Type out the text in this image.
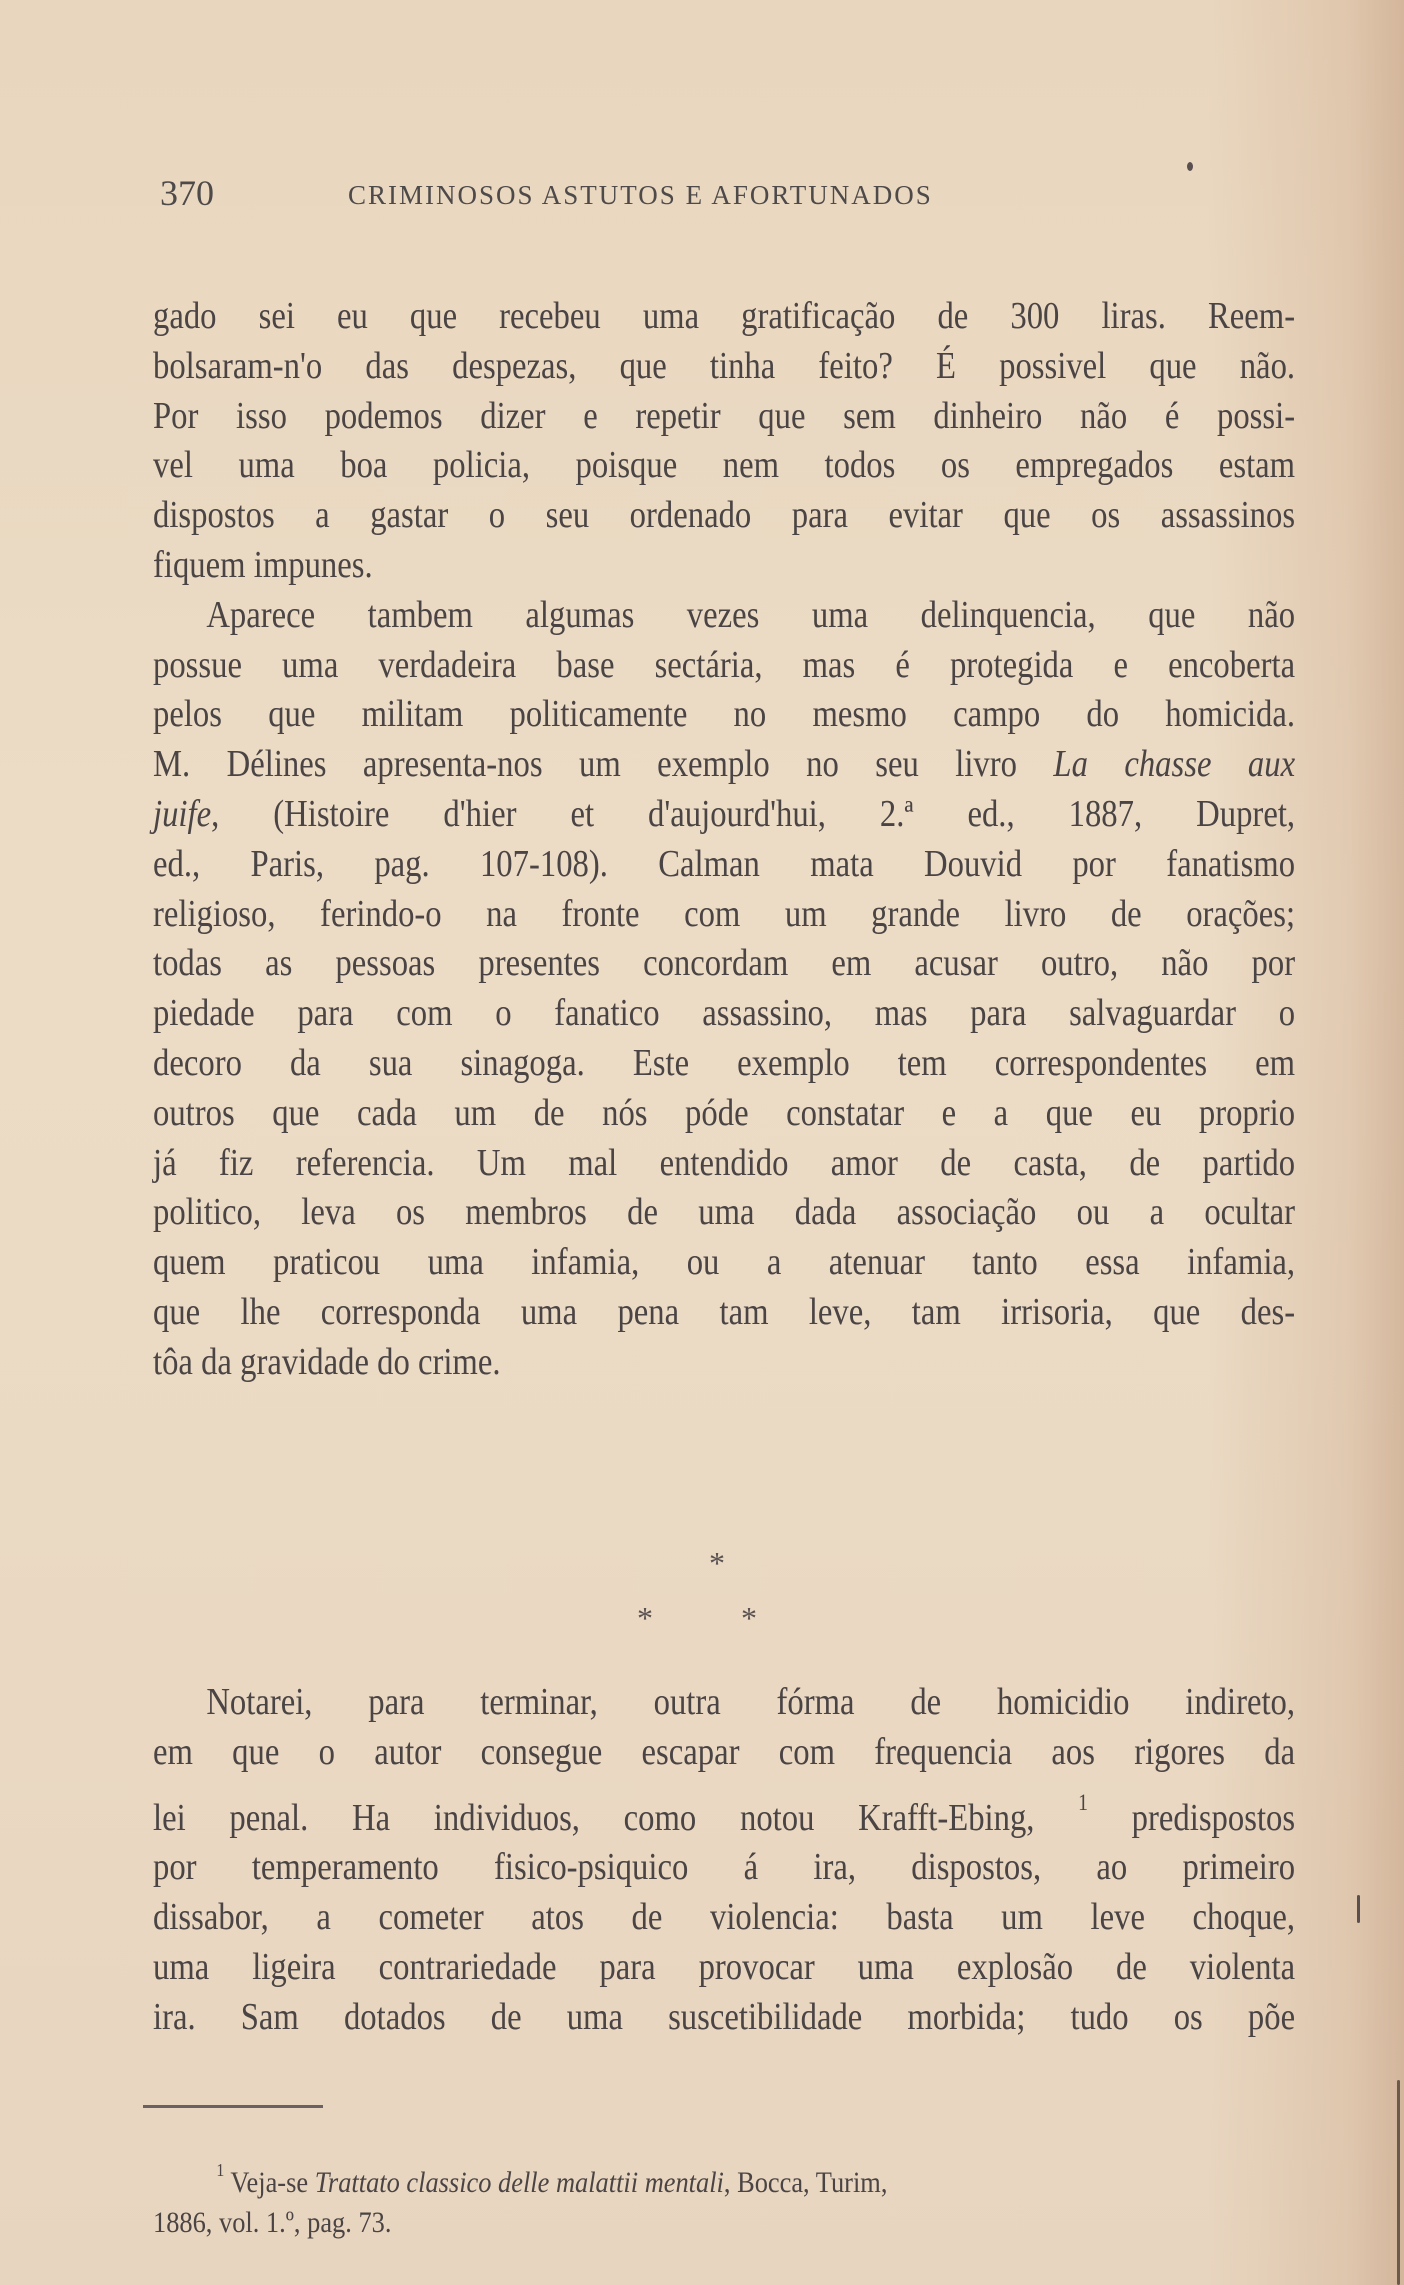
370	CRIMINOSOS ASTUTOS E AFORTUNADOS

gado sei eu que recebeu uma gratificação de 300 liras. Reem-
bolsaram-n'o das despezas, que tinha feito? É possivel que não.
Por isso podemos dizer e repetir que sem dinheiro não é possi-
vel uma boa policia, poisque nem todos os empregados estam
dispostos a gastar o seu ordenado para evitar que os assassinos
fiquem impunes.

Aparece tambem algumas vezes uma delinquencia, que não
possue uma verdadeira base sectária, mas é protegida e encoberta
pelos que militam politicamente no mesmo campo do homicida.
M. Délines apresenta-nos um exemplo no seu livro La chasse aux
juife, (Histoire d'hier et d'aujourd'hui, 2.ª ed., 1887, Dupret,
ed., Paris, pag. 107-108). Calman mata Douvid por fanatismo
religioso, ferindo-o na fronte com um grande livro de orações;
todas as pessoas presentes concordam em acusar outro, não por
piedade para com o fanatico assassino, mas para salvaguardar o
decoro da sua sinagoga. Este exemplo tem correspondentes em
outros que cada um de nós póde constatar e a que eu proprio
já fiz referencia. Um mal entendido amor de casta, de partido
politico, leva os membros de uma dada associação ou a ocultar
quem praticou uma infamia, ou a atenuar tanto essa infamia,
que lhe corresponda uma pena tam leve, tam irrisoria, que des-
tôa da gravidade do crime.

*
* *

Notarei, para terminar, outra fórma de homicidio indireto,
em que o autor consegue escapar com frequencia aos rigores da
lei penal. Ha individuos, como notou Krafft-Ebing, $^1$ predispostos
por temperamento fisico-psiquico á ira, dispostos, ao primeiro
dissabor, a cometer atos de violencia: basta um leve choque,
uma ligeira contrariedade para provocar uma explosão de violenta
ira. Sam dotados de uma suscetibilidade morbida; tudo os põe

$^1$ Veja-se Trattato classico delle malattii mentali, Bocca, Turim,
1886, vol. 1.º, pag. 73.
